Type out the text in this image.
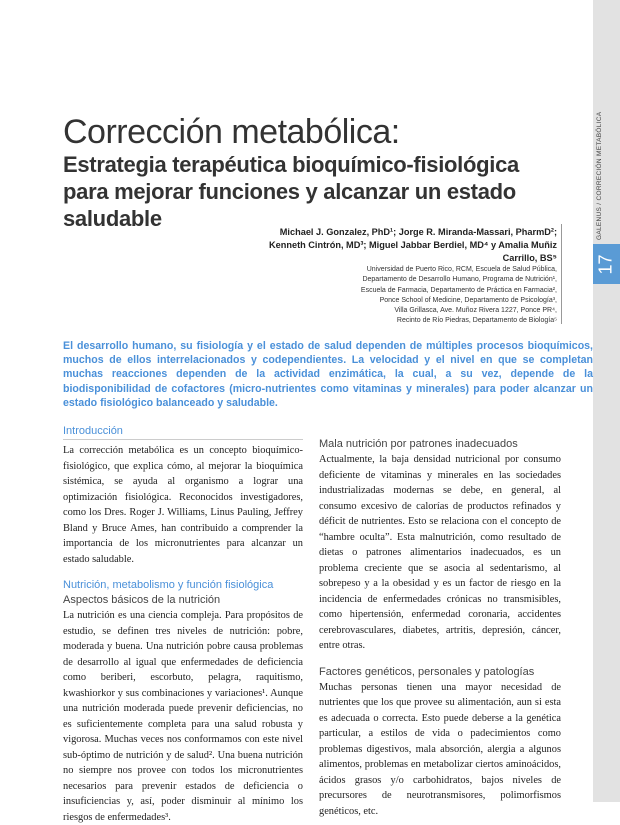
17
GALENUS / CORRECIÓN METABÓLICA
Corrección metabólica:
Estrategia terapéutica bioquímico-fisiológica para mejorar funciones y alcanzar un estado saludable
Michael J. Gonzalez, PhD¹; Jorge R. Miranda-Massari, PharmD²; Kenneth Cintrón, MD³; Miguel Jabbar Berdiel, MD⁴ y Amalia Muñiz Carrillo, BS⁵
Universidad de Puerto Rico, RCM, Escuela de Salud Pública,
Departamento de Desarrollo Humano, Programa de Nutrición¹,
Escuela de Farmacia, Departamento de Práctica en Farmacia²,
Ponce School of Medicine, Departamento de Psicología³,
Villa Grillasca, Ave. Muñoz Rivera 1227, Ponce PR⁴,
Recinto de Río Piedras, Departamento de Biología⁵
El desarrollo humano, su fisiología y el estado de salud dependen de múltiples procesos bioquímicos, muchos de ellos interrelacionados y codependientes. La velocidad y el nivel en que se completan muchas reacciones dependen de la actividad enzimática, la cual, a su vez, depende de la biodisponibilidad de cofactores (micro-nutrientes como vitaminas y minerales) para poder alcanzar un estado fisiológico balanceado y saludable.
Introducción

La corrección metabólica es un concepto bioquímico-fisiológico, que explica cómo, al mejorar la bioquímica sistémica, se ayuda al organismo a lograr una optimización fisiológica. Reconocidos investigadores, como los Dres. Roger J. Williams, Linus Pauling, Jeffrey Bland y Bruce Ames, han contribuido a comprender la importancia de los micronutrientes para alcanzar un estado saludable.

Nutrición, metabolismo y función fisiológica
Aspectos básicos de la nutrición

La nutrición es una ciencia compleja. Para propósitos de estudio, se definen tres niveles de nutrición: pobre, moderada y buena. Una nutrición pobre causa problemas de desarrollo al igual que enfermedades de deficiencia como beriberi, escorbuto, pelagra, raquitismo, kwashiorkor y sus combinaciones y variaciones¹. Aunque una nutrición moderada puede prevenir deficiencias, no es suficientemente completa para una salud robusta y vigorosa. Muchas veces nos conformamos con este nivel sub-óptimo de nutrición y de salud². Una buena nutrición no siempre nos provee con todos los micronutrientes necesarios para prevenir estados de deficiencia o insuficiencias y, así, poder disminuir al mínimo los riesgos de enfermedades³.

Mala nutrición por patrones inadecuados

Actualmente, la baja densidad nutricional por consumo deficiente de vitaminas y minerales en las sociedades industrializadas modernas se debe, en general, al consumo excesivo de calorías de productos refinados y déficit de nutrientes. Esto se relaciona con el concepto de “hambre oculta”. Esta malnutrición, como resultado de dietas o patrones alimentarios inadecuados, es un problema creciente que se asocia al sedentarismo, al sobrepeso y a la obesidad y es un factor de riesgo en la incidencia de enfermedades crónicas no transmisibles, como hipertensión, enfermedad coronaria, accidentes cerebrovasculares, diabetes, artritis, depresión, cáncer, entre otras.

Factores genéticos, personales y patologías

Muchas personas tienen una mayor necesidad de nutrientes que los que provee su alimentación, aun si esta es adecuada o correcta. Esto puede deberse a la genética particular, a estilos de vida o padecimientos como problemas digestivos, mala absorción, alergia a algunos alimentos, problemas en metabolizar ciertos aminoácidos, ácidos grasos y/o carbohidratos, bajos niveles de precursores de neurotransmisores, polimorfismos genéticos, etc.
